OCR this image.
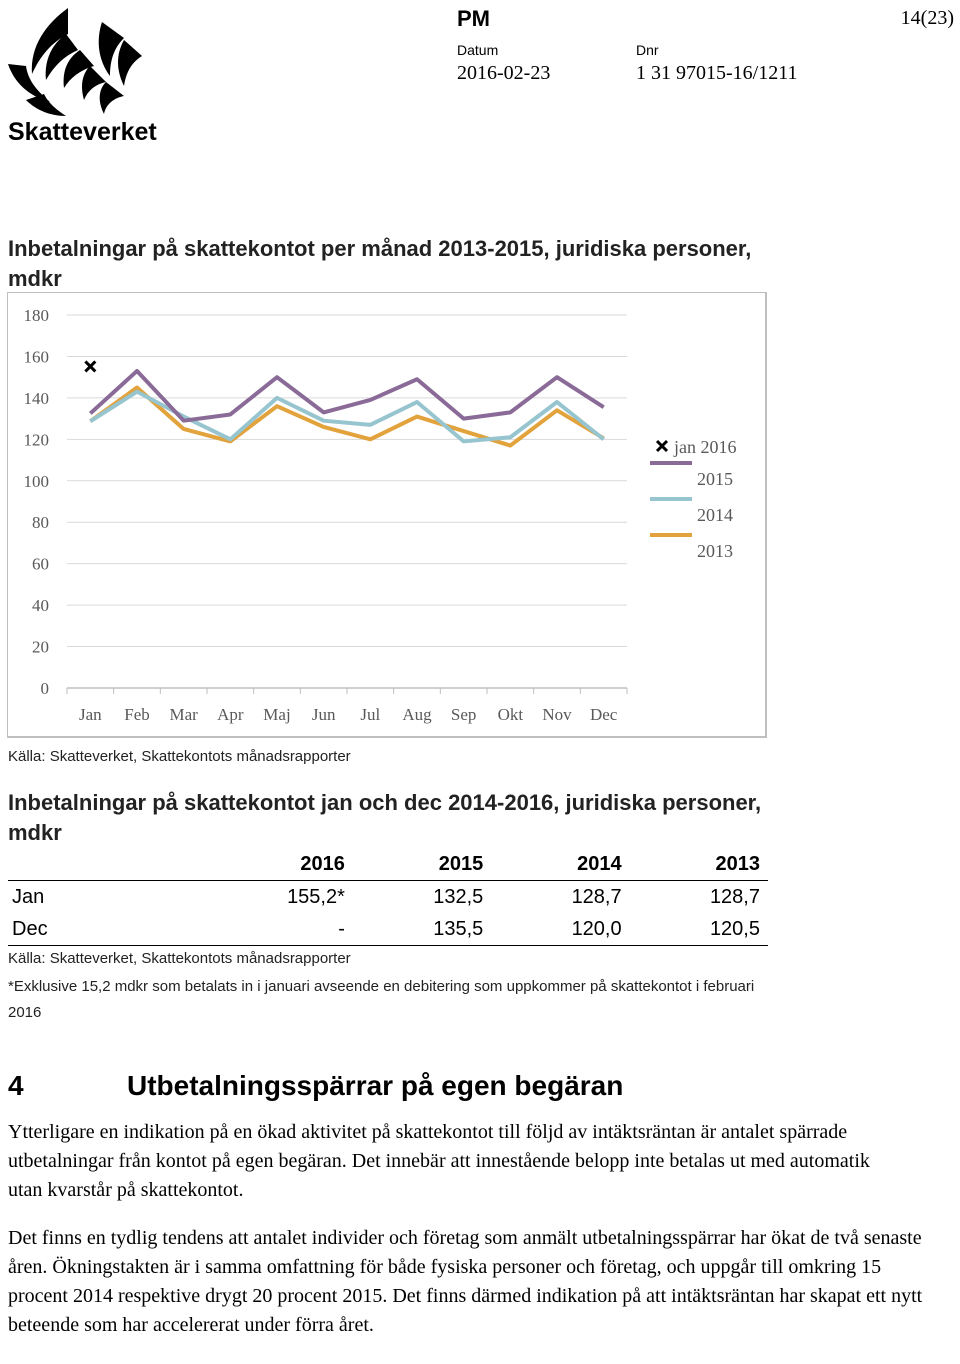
Skatteverket
PM	14(23)
Datum
2016-02-23
Dnr
1 31 97015-16/1211
Inbetalningar på skattekontot per månad 2013-2015, juridiska personer, mdkr
0
20
40
60
80
100
120
140
160
180
Jan Feb Mar Apr Maj Jun Jul Aug Sep Okt Nov Dec
jan 2016
2015
2014
2013
Källa: Skatteverket, Skattekontots månadsrapporter
Inbetalningar på skattekontot jan och dec 2014-2016, juridiska personer, mdkr
	2016	2015	2014	2013
Jan	155,2*	132,5	128,7	128,7
Dec	-	135,5	120,0	120,5
Källa: Skatteverket, Skattekontots månadsrapporter
*Exklusive 15,2 mdkr som betalats in i januari avseende en debitering som uppkommer på skattekontot i februari 2016
4	Utbetalningsspärrar på egen begäran

Ytterligare en indikation på en ökad aktivitet på skattekontot till följd av intäktsräntan är antalet spärrade utbetalningar från kontot på egen begäran. Det innebär att innestående belopp inte betalas ut med automatik utan kvarstår på skattekontot.

Det finns en tydlig tendens att antalet individer och företag som anmält utbetalningsspärrar har ökat de två senaste åren. Ökningstakten är i samma omfattning för både fysiska personer och företag, och uppgår till omkring 15 procent 2014 respektive drygt 20 procent 2015. Det finns därmed indikation på att intäktsräntan har skapat ett nytt beteende som har accelererat under förra året.
